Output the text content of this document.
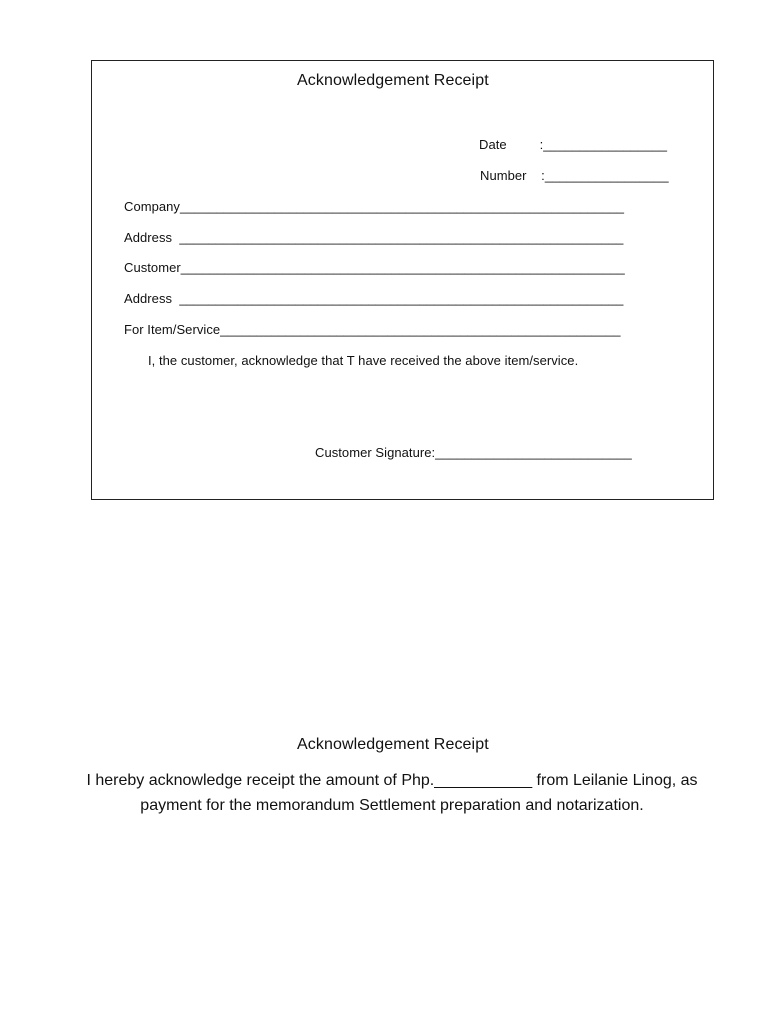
Acknowledgement Receipt
Date         :_________________
Number    :_________________
Company_____________________________________________________________
Address  _____________________________________________________________
Customer_____________________________________________________________
Address  _____________________________________________________________
For Item/Service_______________________________________________________
I, the customer, acknowledge that T have received the above item/service.
Customer Signature:___________________________
Acknowledgement Receipt
I hereby acknowledge receipt the amount of Php.___________ from Leilanie Linog, as
payment for the memorandum Settlement preparation and notarization.
